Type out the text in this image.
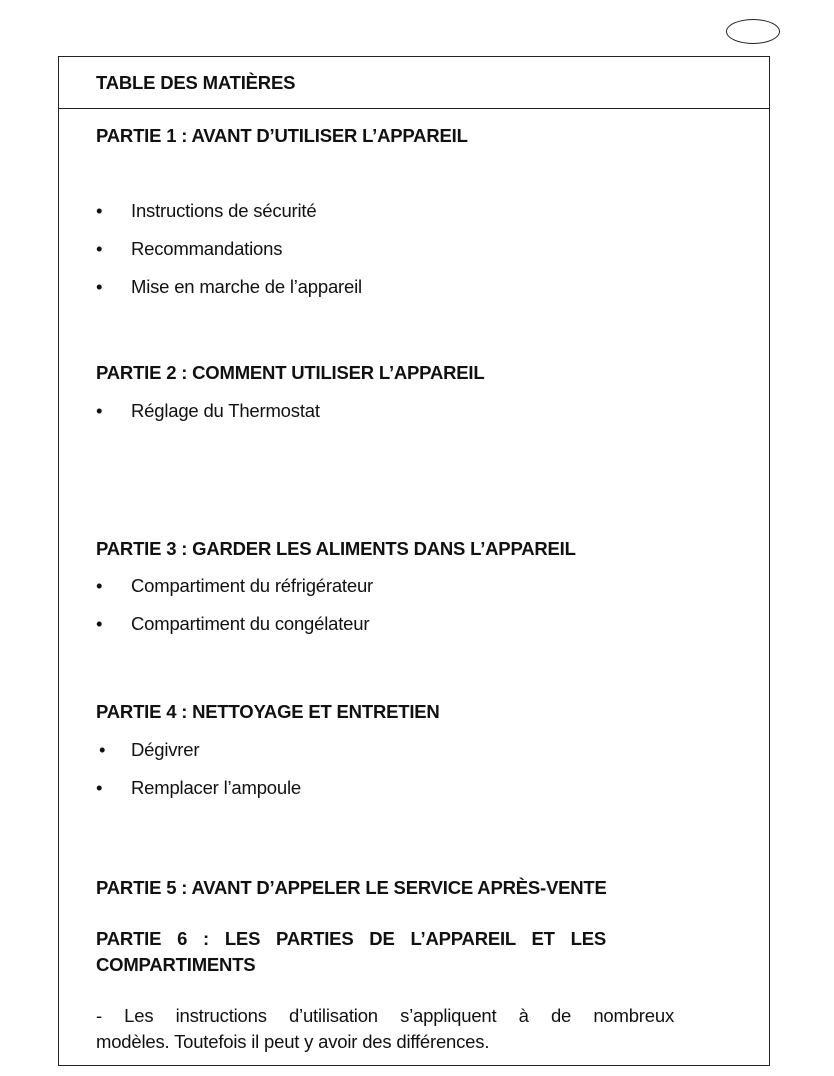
TABLE DES MATIÈRES
PARTIE 1 : AVANT D’UTILISER L’APPAREIL
• Instructions de sécurité
• Recommandations
• Mise en marche de l’appareil
PARTIE 2 : COMMENT UTILISER L’APPAREIL
• Réglage du Thermostat
PARTIE 3 : GARDER LES ALIMENTS DANS L’APPAREIL
• Compartiment du réfrigérateur
• Compartiment du congélateur
PARTIE 4 : NETTOYAGE ET ENTRETIEN
• Dégivrer
• Remplacer l’ampoule
PARTIE 5 : AVANT D’APPELER LE SERVICE APRÈS-VENTE
PARTIE 6 : LES PARTIES DE L’APPAREIL ET LES
COMPARTIMENTS
- Les instructions d’utilisation s’appliquent à de nombreux
modèles. Toutefois il peut y avoir des différences.
